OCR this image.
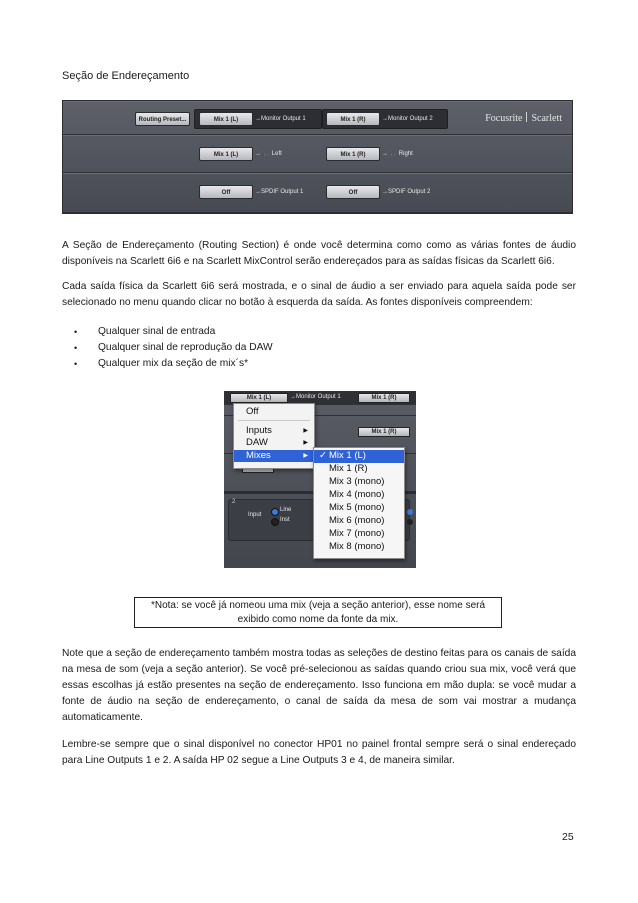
Seção de Endereçamento
Routing Preset...	Mix 1 (L)	→Monitor Output 1	Mix 1 (R)	→Monitor Output 2	Focusrite Scarlett
Mix 1 (L)	→ 🎧 Left	Mix 1 (R)	→ 🎧 Right
Off	→SPDIF Output 1	Off	→SPDIF Output 2

A Seção de Endereçamento (Routing Section) é onde você determina como como as várias fontes de áudio disponíveis na Scarlett 6i6 e na Scarlett MixControl serão endereçados para as saídas físicas da Scarlett 6i6.

Cada saída física da Scarlett 6i6 será mostrada, e o sinal de áudio a ser enviado para aquela saída pode ser selecionado no menu quando clicar no botão à esquerda da saída. As fontes disponíveis compreendem:

• Qualquer sinal de entrada
• Qualquer sinal de reprodução da DAW
• Qualquer mix da seção de mix´s*
Mix 1 (L)	→Monitor Output 1	Mix 1 (R)
Mix 1 (R)
2
Input
Line
Inst
Off
Inputs	▶
DAW	▶
Mixes	▶	✓ Mix 1 (L)
Mix 1 (R)
Mix 3 (mono)
Mix 4 (mono)
Mix 5 (mono)
Mix 6 (mono)
Mix 7 (mono)
Mix 8 (mono)
*Nota: se você já nomeou uma mix (veja a seção anterior), esse nome será
exibido como nome da fonte da mix.

Note que a seção de endereçamento também mostra todas as seleções de destino feitas para os canais de saída na mesa de som (veja a seção anterior). Se você pré-selecionou as saídas quando criou sua mix, você verá que essas escolhas já estão presentes na seção de endereçamento. Isso funciona em mão dupla: se você mudar a fonte de áudio na seção de endereçamento, o canal de saída da mesa de som vai mostrar a mudança automaticamente.

Lembre-se sempre que o sinal disponível no conector HP01 no painel frontal sempre será o sinal endereçado para Line Outputs 1 e 2. A saída HP 02 segue a Line Outputs 3 e 4, de maneira similar.

25
